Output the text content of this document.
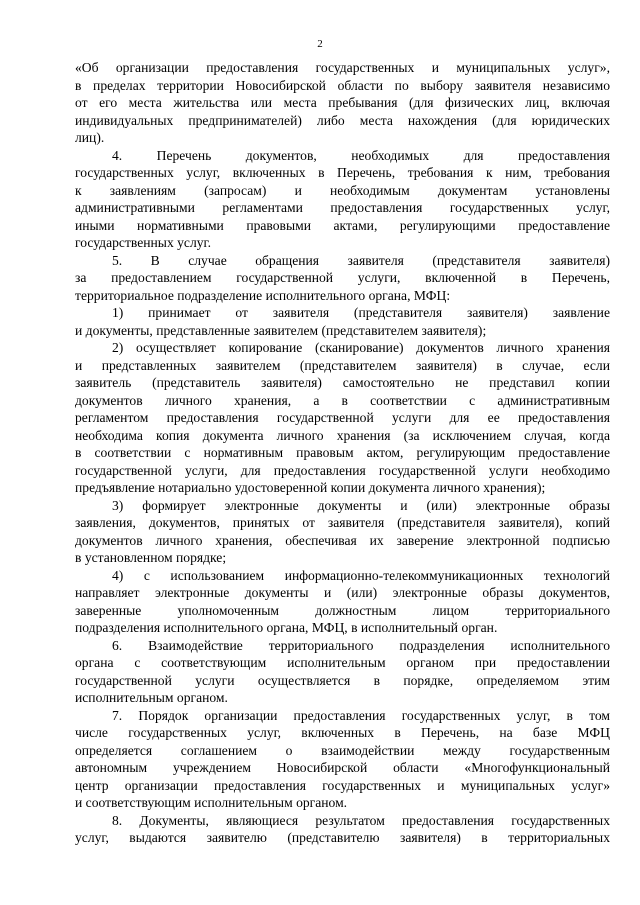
2
«Об организации предоставления государственных и муниципальных услуг»,
в пределах территории Новосибирской области по выбору заявителя независимо
от его места жительства или места пребывания (для физических лиц, включая
индивидуальных предпринимателей) либо места нахождения (для юридических
лиц).
4. Перечень документов, необходимых для предоставления
государственных услуг, включенных в Перечень, требования к ним, требования
к заявлениям (запросам) и необходимым документам установлены
административными регламентами предоставления государственных услуг,
иными нормативными правовыми актами, регулирующими предоставление
государственных услуг.
5. В случае обращения заявителя (представителя заявителя)
за предоставлением государственной услуги, включенной в Перечень,
территориальное подразделение исполнительного органа, МФЦ:
1) принимает от заявителя (представителя заявителя) заявление
и документы, представленные заявителем (представителем заявителя);
2) осуществляет копирование (сканирование) документов личного хранения
и представленных заявителем (представителем заявителя) в случае, если
заявитель (представитель заявителя) самостоятельно не представил копии
документов личного хранения, а в соответствии с административным
регламентом предоставления государственной услуги для ее предоставления
необходима копия документа личного хранения (за исключением случая, когда
в соответствии с нормативным правовым актом, регулирующим предоставление
государственной услуги, для предоставления государственной услуги необходимо
предъявление нотариально удостоверенной копии документа личного хранения);
3) формирует электронные документы и (или) электронные образы
заявления, документов, принятых от заявителя (представителя заявителя), копий
документов личного хранения, обеспечивая их заверение электронной подписью
в установленном порядке;
4) с использованием информационно-телекоммуникационных технологий
направляет электронные документы и (или) электронные образы документов,
заверенные уполномоченным должностным лицом территориального
подразделения исполнительного органа, МФЦ, в исполнительный орган.
6. Взаимодействие территориального подразделения исполнительного
органа с соответствующим исполнительным органом при предоставлении
государственной услуги осуществляется в порядке, определяемом этим
исполнительным органом.
7. Порядок организации предоставления государственных услуг, в том
числе государственных услуг, включенных в Перечень, на базе МФЦ
определяется соглашением о взаимодействии между государственным
автономным учреждением Новосибирской области «Многофункциональный
центр организации предоставления государственных и муниципальных услуг»
и соответствующим исполнительным органом.
8. Документы, являющиеся результатом предоставления государственных
услуг, выдаются заявителю (представителю заявителя) в территориальных
